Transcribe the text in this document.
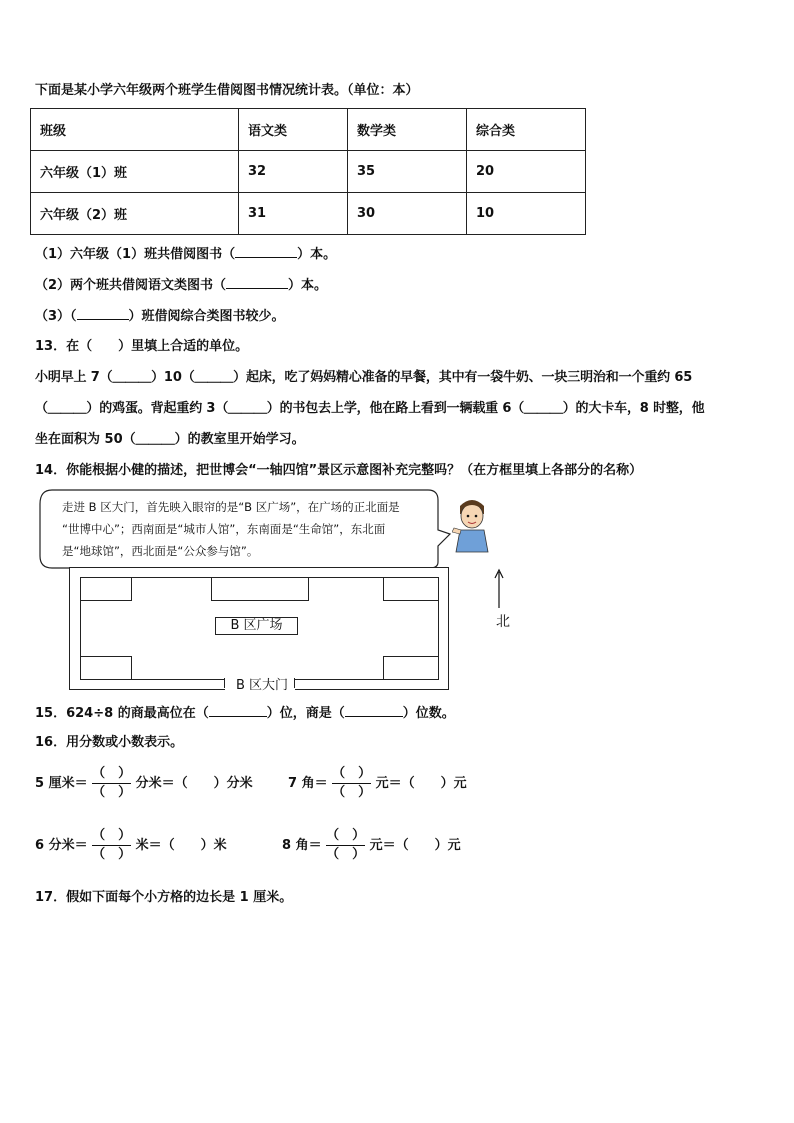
下面是某小学六年级两个班学生借阅图书情况统计表。（单位：本）
班级	语文类	数学类	综合类
六年级（1）班	32	35	20
六年级（2）班	31	30	10
（1）六年级（1）班共借阅图书（	）本。
（2）两个班共借阅语文类图书（	）本。
（3）（	）班借阅综合类图书较少。
13．在（　　）里填上合适的单位。
小明早上 7（＿＿＿）10（＿＿＿）起床，吃了妈妈精心准备的早餐，其中有一袋牛奶、一块三明治和一个重约 65
（＿＿＿）的鸡蛋。背起重约 3（＿＿＿）的书包去上学，他在路上看到一辆载重 6（＿＿＿）的大卡车，8 时整，他
坐在面积为 50（＿＿＿）的教室里开始学习。
14．你能根据小健的描述，把世博会“一轴四馆”景区示意图补充完整吗？（在方框里填上各部分的名称）
走进 B 区大门，首先映入眼帘的是“B 区广场”，在广场的正北面是
“世博中心”；西南面是“城市人馆”，东南面是“生命馆”，东北面
是“地球馆”，西北面是“公众参与馆”。
北
B 区广场
B 区大门
15．624÷8 的商最高位在（	）位，商是（	）位数。
16．用分数或小数表示。
5 厘米＝
（　）
（　）
分米＝（　　）分米	7 角＝
（　）
（　）
元＝（　　）元
6 分米＝
（　）
（　）
米＝（　　）米	8 角＝
（　）
（　）
元＝（　　）元
17．假如下面每个小方格的边长是 1 厘米。
